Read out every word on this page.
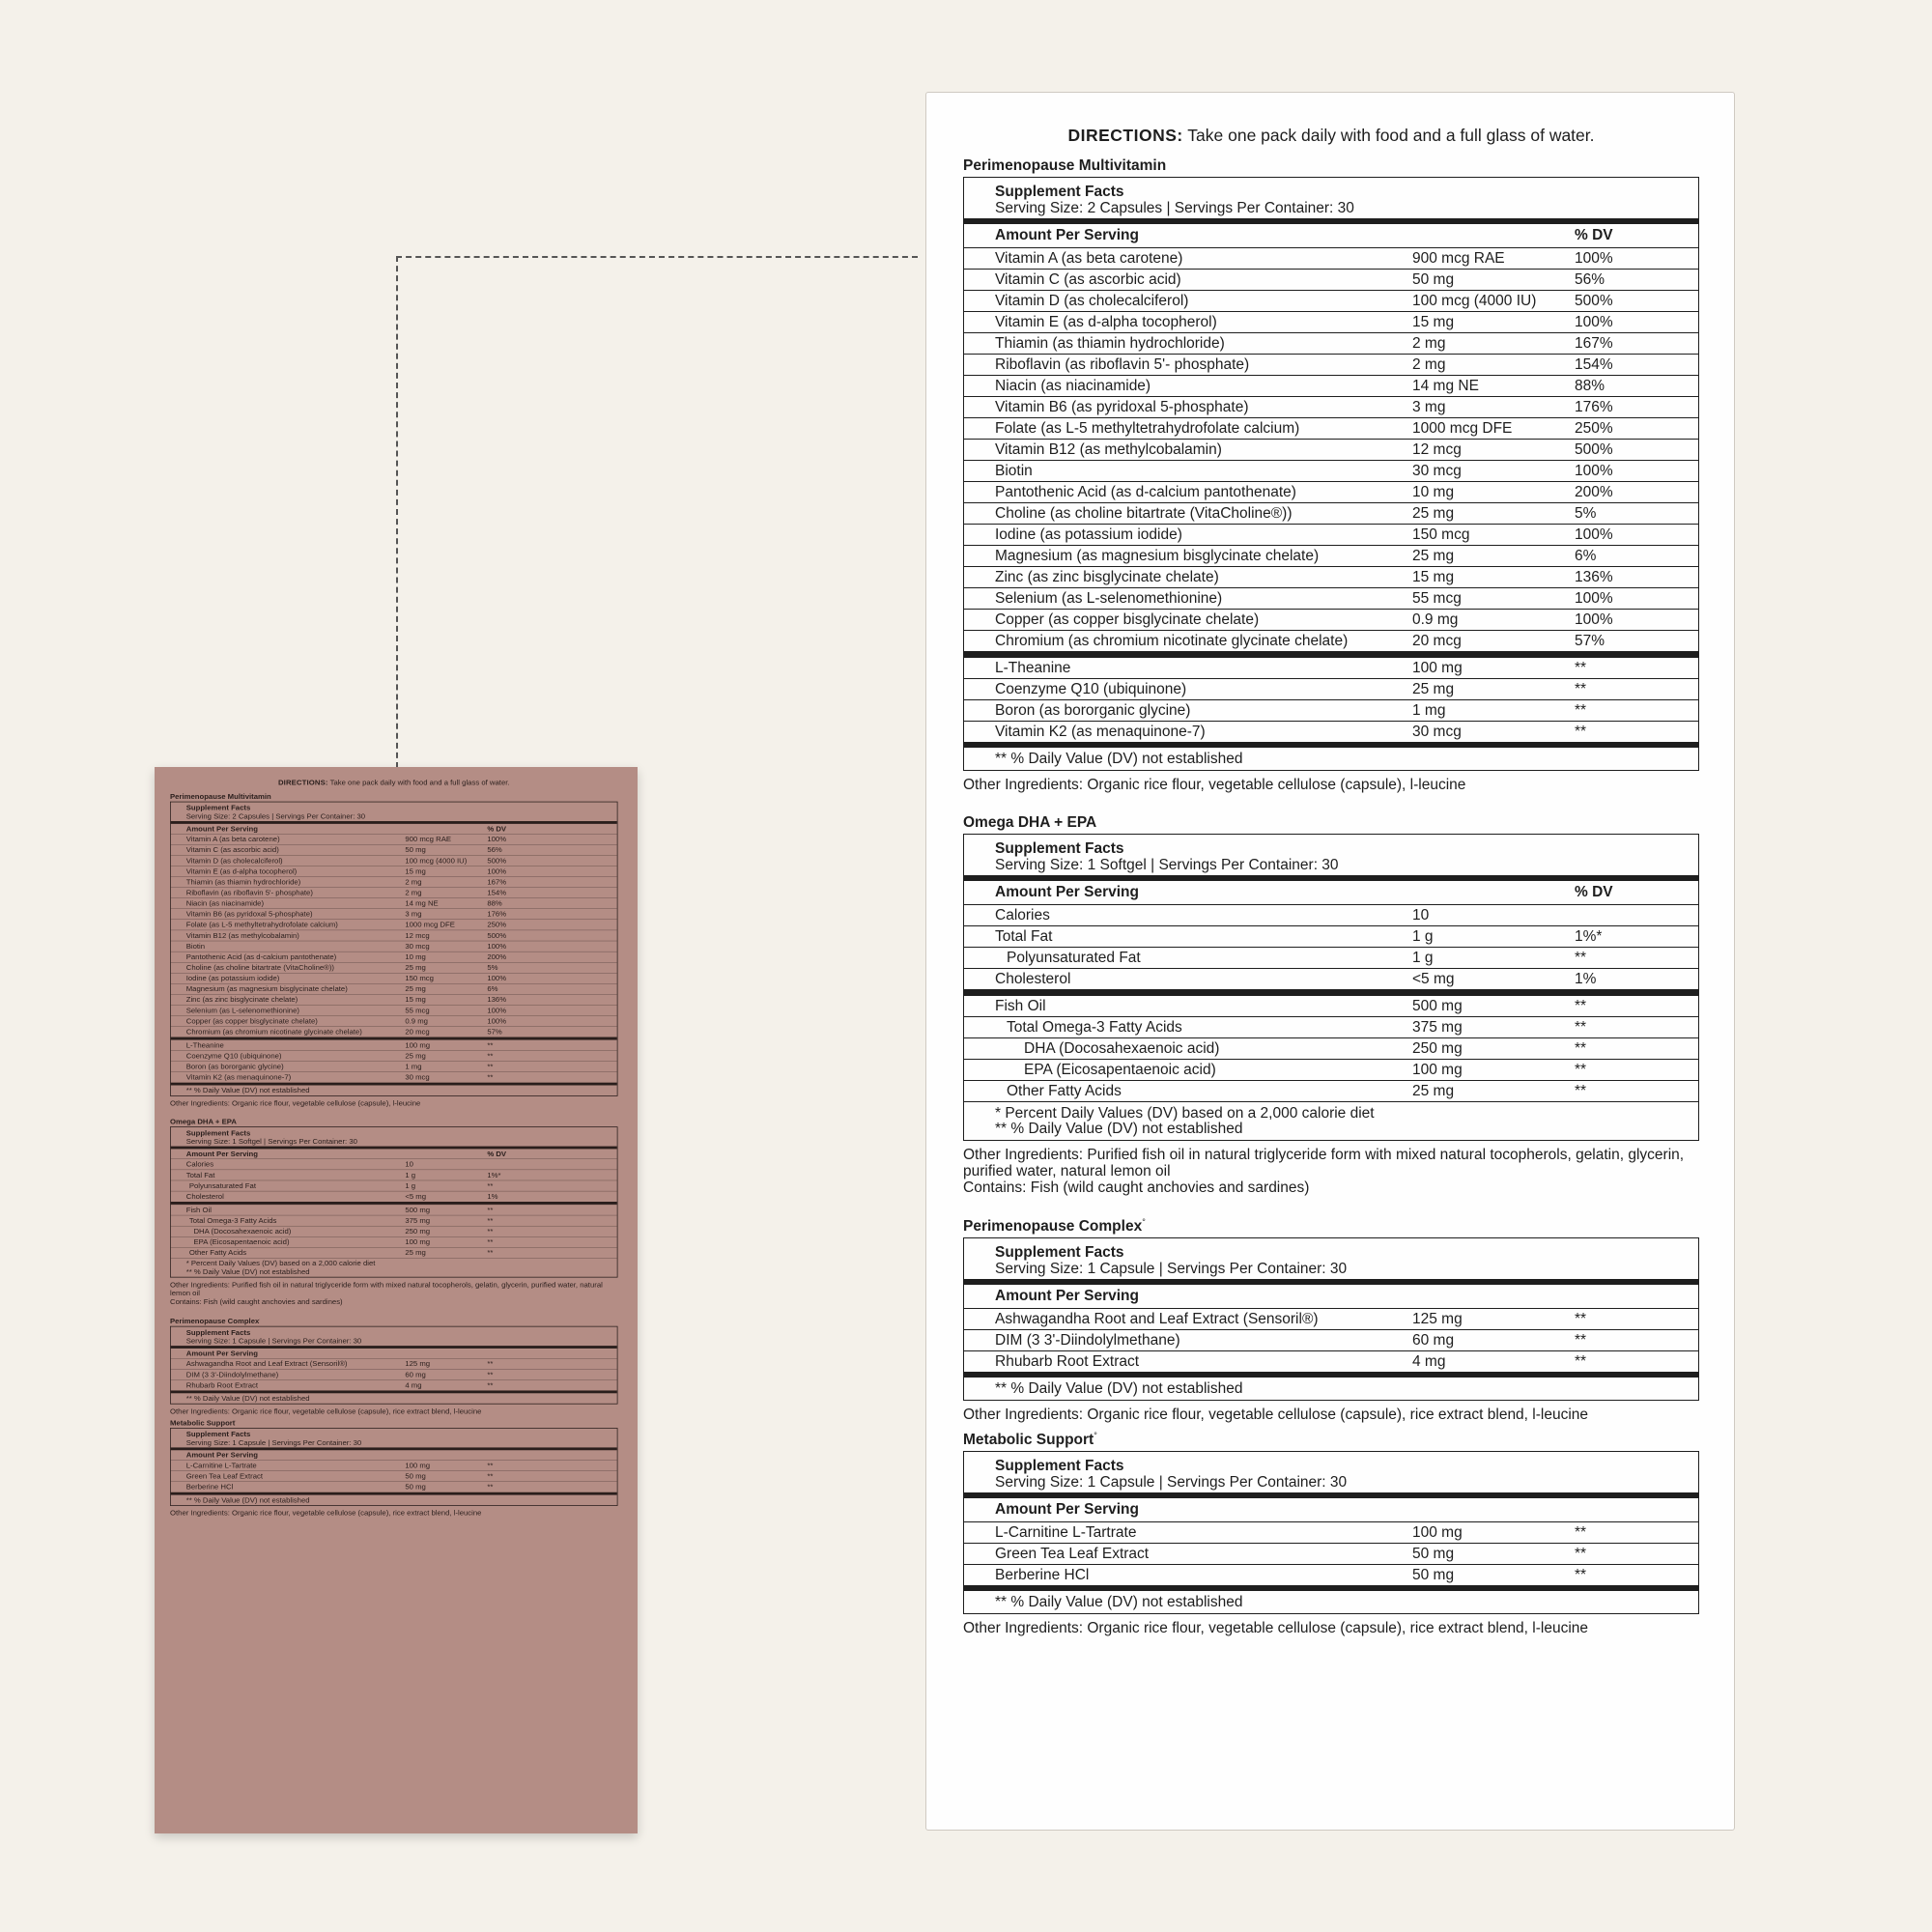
DIRECTIONS: Take one pack daily with food and a full glass of water.
Perimenopause Multivitamin
Supplement Facts
Serving Size: 2 Capsules | Servings Per Container: 30
Amount Per Serving	% DV
Vitamin A (as beta carotene)	900 mcg RAE	100%
Vitamin C (as ascorbic acid)	50 mg	56%
Vitamin D (as cholecalciferol)	100 mcg (4000 IU) 500%
Vitamin E (as d-alpha tocopherol)	15 mg	100%
Thiamin (as thiamin hydrochloride)	2 mg	167%
Riboflavin (as riboflavin 5'- phosphate)	2 mg	154%
Niacin (as niacinamide)	14 mg NE	88%
Vitamin B6 (as pyridoxal 5-phosphate)	3 mg	176%
Folate (as L-5 methyltetrahydrofolate calcium)	1000 mcg DFE	250%
Vitamin B12 (as methylcobalamin)	12 mcg	500%
Biotin	30 mcg	100%
Pantothenic Acid (as d-calcium pantothenate)	10 mg	200%
Choline (as choline bitartrate (VitaCholine®))	25 mg	5%
Iodine (as potassium iodide)	150 mcg	100%
Magnesium (as magnesium bisglycinate chelate)	25 mg	6%
Zinc (as zinc bisglycinate chelate)	15 mg	136%
Selenium (as L-selenomethionine)	55 mcg	100%
Copper (as copper bisglycinate chelate)	0.9 mg	100%
Chromium (as chromium nicotinate glycinate chelate)	20 mcg	57%
L-Theanine	100 mg	**
Coenzyme Q10 (ubiquinone)	25 mg	**
Boron (as bororganic glycine)	1 mg	**
Vitamin K2 (as menaquinone-7)	30 mcg	**
** % Daily Value (DV) not established
Other Ingredients: Organic rice flour, vegetable cellulose (capsule), l-leucine
Omega DHA + EPA
Supplement Facts
Serving Size: 1 Softgel | Servings Per Container: 30
Amount Per Serving	% DV
Calories	10
Total Fat	1 g	1%*
Polyunsaturated Fat	1 g	**
Cholesterol	<5 mg	1%
Fish Oil	500 mg	**
Total Omega-3 Fatty Acids	375 mg	**
DHA (Docosahexaenoic acid)	250 mg	**
EPA (Eicosapentaenoic acid)	100 mg	**
Other Fatty Acids	25 mg	**
* Percent Daily Values (DV) based on a 2,000 calorie diet
** % Daily Value (DV) not established
Other Ingredients: Purified fish oil in natural triglyceride form with mixed natural tocopherols, gelatin, glycerin, purified water, natural lemon oil
Contains: Fish (wild caught anchovies and sardines)
Perimenopause Complex°
Supplement Facts
Serving Size: 1 Capsule | Servings Per Container: 30
Amount Per Serving
Ashwagandha Root and Leaf Extract (Sensoril®)	125 mg	**
DIM (3 3'-Diindolylmethane)	60 mg	**
Rhubarb Root Extract	4 mg	**
** % Daily Value (DV) not established
Other Ingredients: Organic rice flour, vegetable cellulose (capsule), rice extract blend, l-leucine
Metabolic Support°
Supplement Facts
Serving Size: 1 Capsule | Servings Per Container: 30
Amount Per Serving
L-Carnitine L-Tartrate	100 mg	**
Green Tea Leaf Extract	50 mg	**
Berberine HCl	50 mg	**
** % Daily Value (DV) not established
Other Ingredients: Organic rice flour, vegetable cellulose (capsule), rice extract blend, l-leucine
DIRECTIONS: Take one pack daily with food and a full glass of water.
Perimenopause Multivitamin
Supplement Facts
Serving Size: 2 Capsules | Servings Per Container: 30
Amount Per Serving	% DV
Vitamin A (as beta carotene)	900 mcg RAE	100%
Vitamin C (as ascorbic acid)	50 mg	56%
Vitamin D (as cholecalciferol)	100 mcg (4000 IU)	500%
Vitamin E (as d-alpha tocopherol)	15 mg	100%
Thiamin (as thiamin hydrochloride)	2 mg	167%
Riboflavin (as riboflavin 5'- phosphate)	2 mg	154%
Niacin (as niacinamide)	14 mg NE	88%
Vitamin B6 (as pyridoxal 5-phosphate)	3 mg	176%
Folate (as L-5 methyltetrahydrofolate calcium)	1000 mcg DFE	250%
Vitamin B12 (as methylcobalamin)	12 mcg	500%
Biotin	30 mcg	100%
Pantothenic Acid (as d-calcium pantothenate)	10 mg	200%
Choline (as choline bitartrate (VitaCholine®))	25 mg	5%
Iodine (as potassium iodide)	150 mcg	100%
Magnesium (as magnesium bisglycinate chelate)	25 mg	6%
Zinc (as zinc bisglycinate chelate)	15 mg	136%
Selenium (as L-selenomethionine)	55 mcg	100%
Copper (as copper bisglycinate chelate)	0.9 mg	100%
Chromium (as chromium nicotinate glycinate chelate)	20 mcg	57%
L-Theanine	100 mg	**
Coenzyme Q10 (ubiquinone)	25 mg	**
Boron (as bororganic glycine)	1 mg	**
Vitamin K2 (as menaquinone-7)	30 mcg	**
** % Daily Value (DV) not established
Other Ingredients: Organic rice flour, vegetable cellulose (capsule), l-leucine
Omega DHA + EPA
Supplement Facts
Serving Size: 1 Softgel | Servings Per Container: 30
Amount Per Serving	% DV
Calories	10
Total Fat	1 g	1%*
Polyunsaturated Fat	1 g	**
Cholesterol	<5 mg	1%
Fish Oil	500 mg	**
Total Omega-3 Fatty Acids	375 mg	**
DHA (Docosahexaenoic acid)	250 mg	**
EPA (Eicosapentaenoic acid)	100 mg	**
Other Fatty Acids	25 mg	**
* Percent Daily Values (DV) based on a 2,000 calorie diet
** % Daily Value (DV) not established
Other Ingredients: Purified fish oil in natural triglyceride form with mixed natural tocopherols, gelatin, glycerin, purified water, natural lemon oil
Contains: Fish (wild caught anchovies and sardines)
Perimenopause Complex°
Supplement Facts
Serving Size: 1 Capsule | Servings Per Container: 30
Amount Per Serving
Ashwagandha Root and Leaf Extract (Sensoril®)	125 mg	**
DIM (3 3'-Diindolylmethane)	60 mg	**
Rhubarb Root Extract	4 mg	**
** % Daily Value (DV) not established
Other Ingredients: Organic rice flour, vegetable cellulose (capsule), rice extract blend, l-leucine
Metabolic Support°
Supplement Facts
Serving Size: 1 Capsule | Servings Per Container: 30
Amount Per Serving
L-Carnitine L-Tartrate	100 mg	**
Green Tea Leaf Extract	50 mg	**
Berberine HCl	50 mg	**
** % Daily Value (DV) not established
Other Ingredients: Organic rice flour, vegetable cellulose (capsule), rice extract blend, l-leucine
